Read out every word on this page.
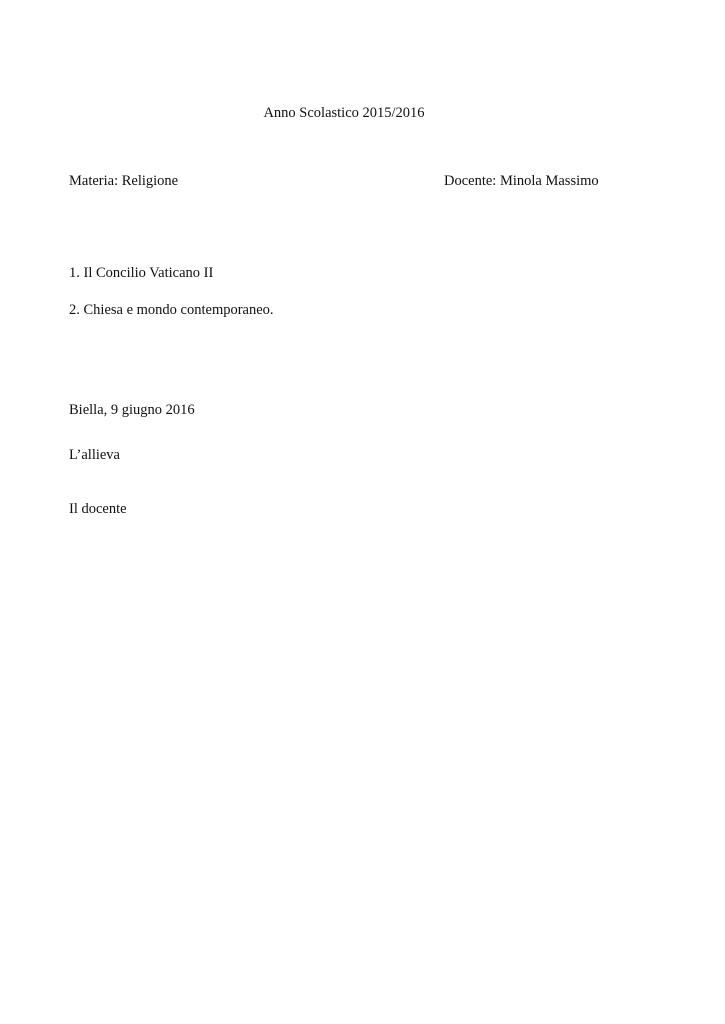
Anno Scolastico 2015/2016
Materia: Religione	Docente: Minola Massimo
1. Il Concilio Vaticano II
2. Chiesa e mondo contemporaneo.
Biella, 9 giugno 2016
L’allieva
Il docente
